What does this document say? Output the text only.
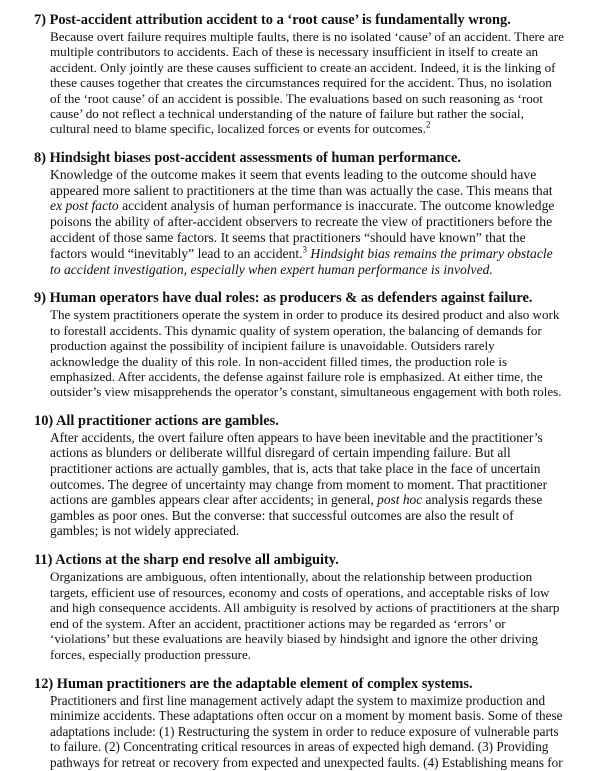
7) Post-accident attribution accident to a ‘root cause’ is fundamentally wrong.
Because overt failure requires multiple faults, there is no isolated ‘cause’ of an accident. There are multiple contributors to accidents. Each of these is necessary insufficient in itself to create an accident. Only jointly are these causes sufficient to create an accident. Indeed, it is the linking of these causes together that creates the circumstances required for the accident. Thus, no isolation of the ‘root cause’ of an accident is possible. The evaluations based on such reasoning as ‘root cause’ do not reflect a technical understanding of the nature of failure but rather the social, cultural need to blame specific, localized forces or events for outcomes.$^2$
8) Hindsight biases post-accident assessments of human performance.
Knowledge of the outcome makes it seem that events leading to the outcome should have appeared more salient to practitioners at the time than was actually the case. This means that ex post facto accident analysis of human performance is inaccurate. The outcome knowledge poisons the ability of after-accident observers to recreate the view of practitioners before the accident of those same factors. It seems that practitioners “should have known” that the factors would “inevitably” lead to an accident.$^3$ Hindsight bias remains the primary obstacle to accident investigation, especially when expert human performance is involved.
9) Human operators have dual roles: as producers & as defenders against failure.
The system practitioners operate the system in order to produce its desired product and also work to forestall accidents. This dynamic quality of system operation, the balancing of demands for production against the possibility of incipient failure is unavoidable. Outsiders rarely acknowledge the duality of this role. In non-accident filled times, the production role is emphasized. After accidents, the defense against failure role is emphasized. At either time, the outsider’s view misapprehends the operator’s constant, simultaneous engagement with both roles.
10) All practitioner actions are gambles.
After accidents, the overt failure often appears to have been inevitable and the practitioner’s actions as blunders or deliberate willful disregard of certain impending failure. But all practitioner actions are actually gambles, that is, acts that take place in the face of uncertain outcomes. The degree of uncertainty may change from moment to moment. That practitioner actions are gambles appears clear after accidents; in general, post hoc analysis regards these gambles as poor ones. But the converse: that successful outcomes are also the result of gambles; is not widely appreciated.
11) Actions at the sharp end resolve all ambiguity.
Organizations are ambiguous, often intentionally, about the relationship between production targets, efficient use of resources, economy and costs of operations, and acceptable risks of low and high consequence accidents. All ambiguity is resolved by actions of practitioners at the sharp end of the system. After an accident, practitioner actions may be regarded as ‘errors’ or ‘violations’ but these evaluations are heavily biased by hindsight and ignore the other driving forces, especially production pressure.
12) Human practitioners are the adaptable element of complex systems.
Practitioners and first line management actively adapt the system to maximize production and minimize accidents. These adaptations often occur on a moment by moment basis. Some of these adaptations include: (1) Restructuring the system in order to reduce exposure of vulnerable parts to failure. (2) Concentrating critical resources in areas of expected high demand. (3) Providing pathways for retreat or recovery from expected and unexpected faults. (4) Establishing means for
